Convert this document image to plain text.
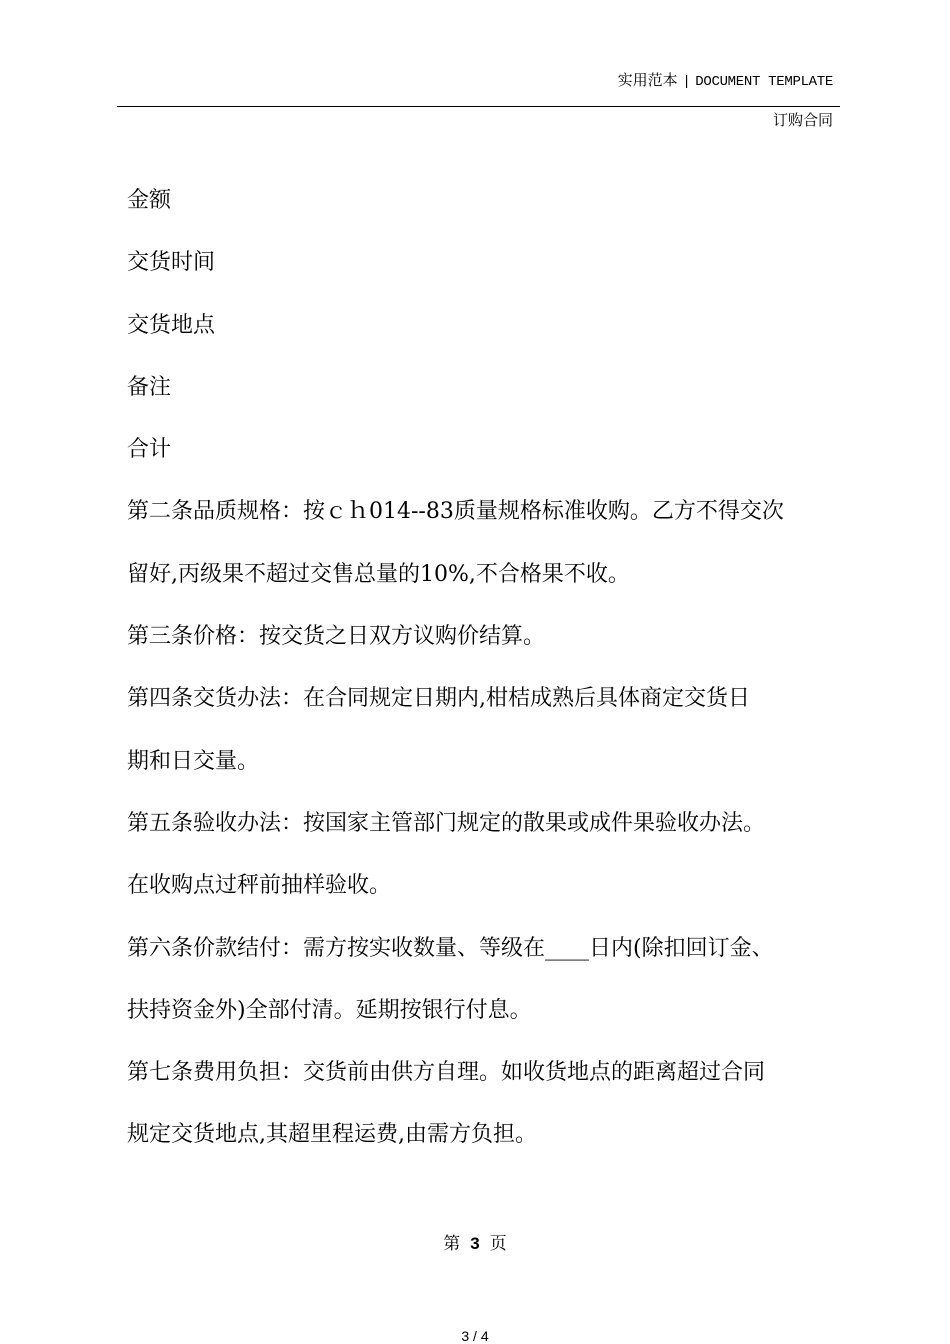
实用范本 | DOCUMENT TEMPLATE
订购合同
金额
交货时间
交货地点
备注
合计
第二条品质规格：按ｃｈ014--83质量规格标准收购。乙方不得交次
留好,丙级果不超过交售总量的10%,不合格果不收。
第三条价格：按交货之日双方议购价结算。
第四条交货办法：在合同规定日期内,柑桔成熟后具体商定交货日
期和日交量。
第五条验收办法：按国家主管部门规定的散果或成件果验收办法。
在收购点过秤前抽样验收。
第六条价款结付：需方按实收数量、等级在____日内(除扣回订金、
扶持资金外)全部付清。延期按银行付息。
第七条费用负担：交货前由供方自理。如收货地点的距离超过合同
规定交货地点,其超里程运费,由需方负担。
第 3 页
3 / 4
